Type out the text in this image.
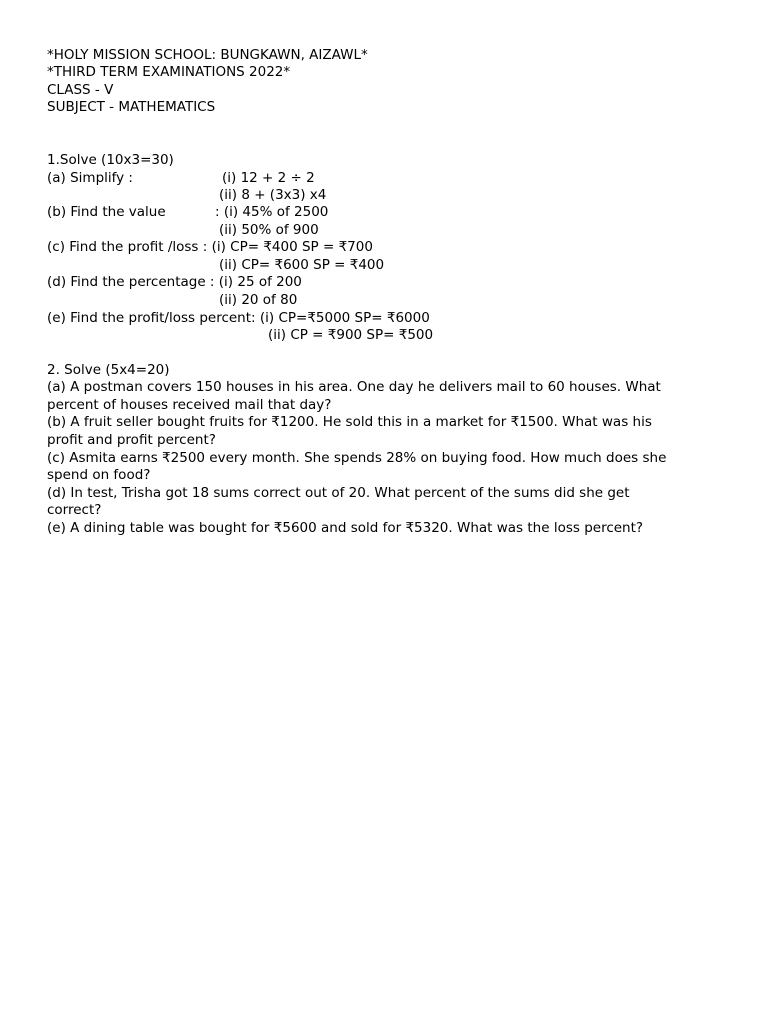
*HOLY MISSION SCHOOL: BUNGKAWN, AIZAWL*
*THIRD TERM EXAMINATIONS 2022*
CLASS - V
SUBJECT - MATHEMATICS
1.Solve (10x3=30)
(a) Simplify :	(i) 12 + 2 ÷ 2
(ii) 8 + (3x3) x4
(b) Find the value	: (i) 45% of 2500
(ii) 50% of 900
(c) Find the profit /loss : (i) CP= ₹400 SP = ₹700
(ii) CP= ₹600 SP = ₹400
(d) Find the percentage : (i) 25 of 200
(ii) 20 of 80
(e) Find the profit/loss percent: (i) CP=₹5000 SP= ₹6000
(ii) CP = ₹900 SP= ₹500
2. Solve (5x4=20)
(a) A postman covers 150 houses in his area. One day he delivers mail to 60 houses. What
percent of houses received mail that day?
(b) A fruit seller bought fruits for ₹1200. He sold this in a market for ₹1500. What was his
profit and profit percent?
(c) Asmita earns ₹2500 every month. She spends 28% on buying food. How much does she
spend on food?
(d) In test, Trisha got 18 sums correct out of 20. What percent of the sums did she get
correct?
(e) A dining table was bought for ₹5600 and sold for ₹5320. What was the loss percent?
